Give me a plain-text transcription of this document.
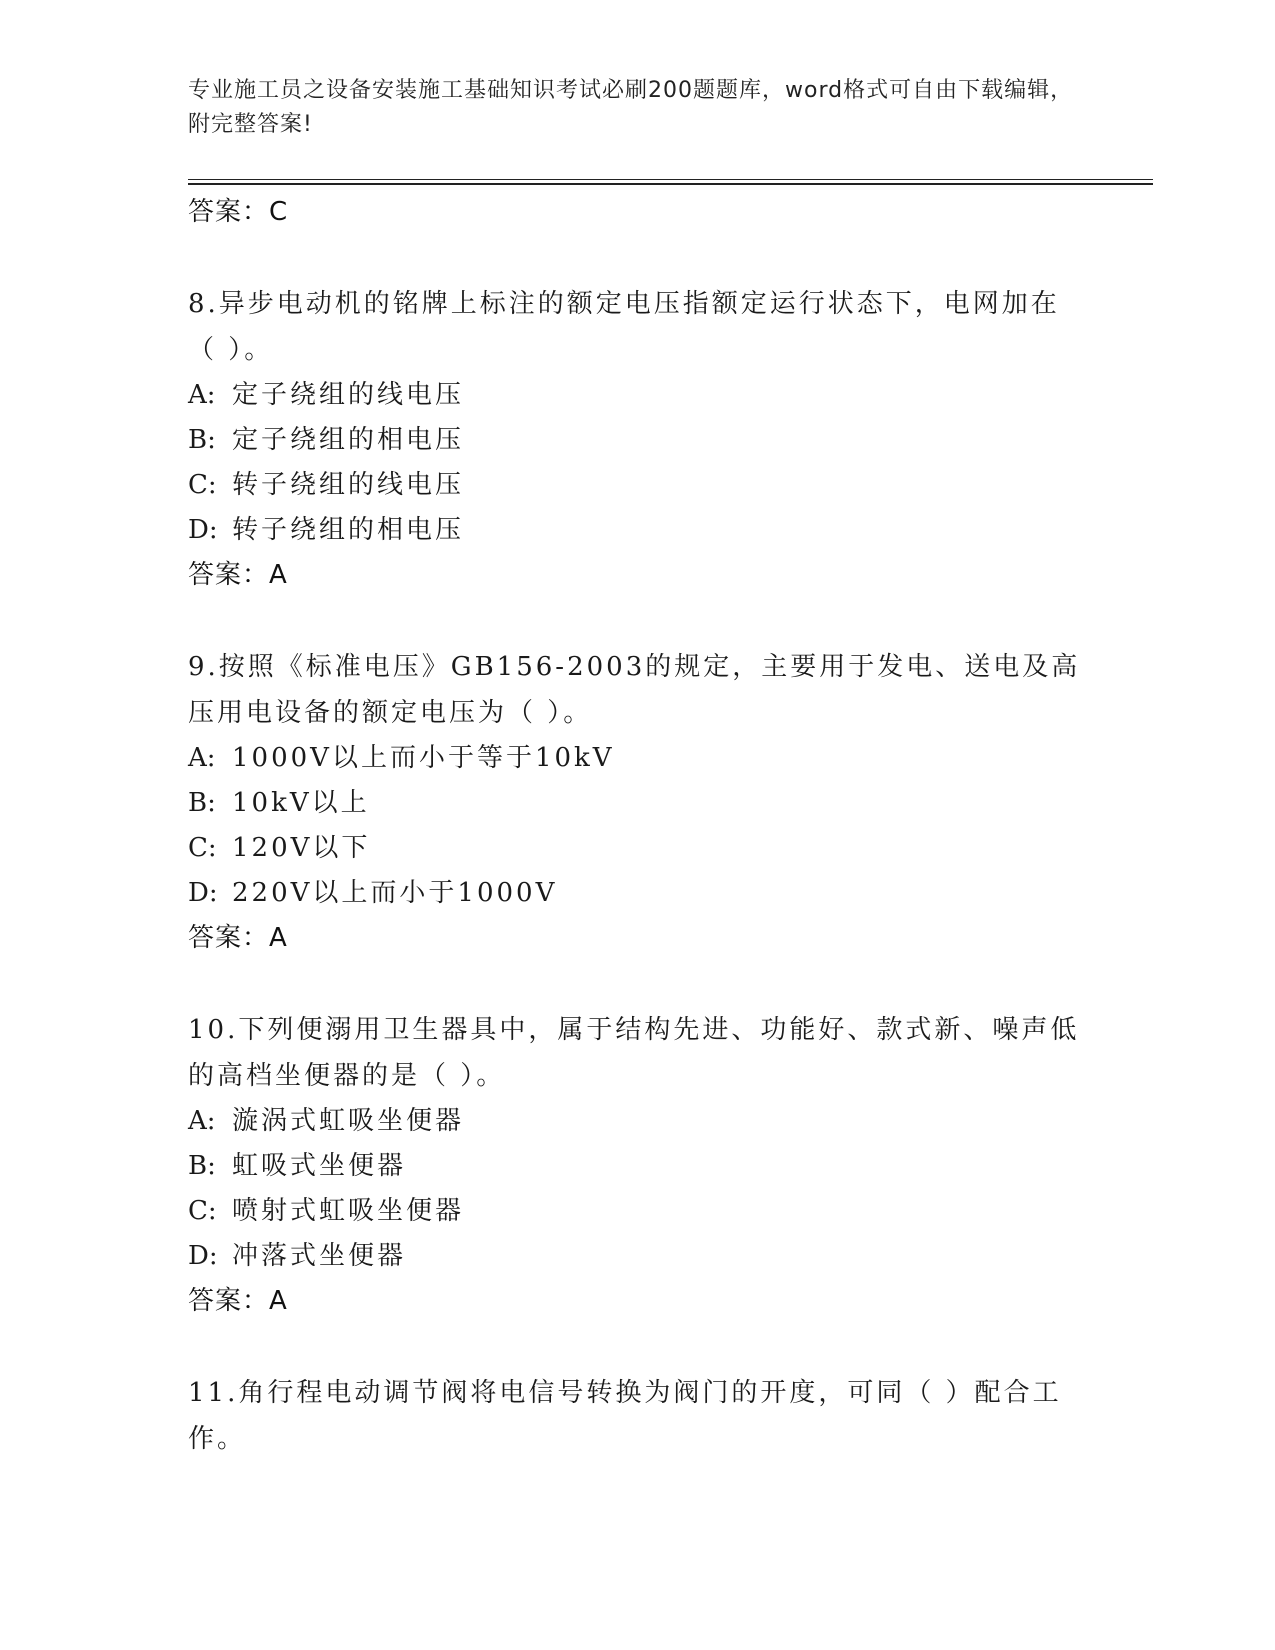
专业施工员之设备安装施工基础知识考试必刷200题题库，word格式可自由下载编辑，附完整答案!
答案：C
8.异步电动机的铭牌上标注的额定电压指额定运行状态下，电网加在（ ）。
A: 定子绕组的线电压
B: 定子绕组的相电压
C: 转子绕组的线电压
D: 转子绕组的相电压
答案：A
9.按照《标准电压》GB156-2003的规定，主要用于发电、送电及高压用电设备的额定电压为（ ）。
A: 1000V以上而小于等于10kV
B: 10kV以上
C: 120V以下
D: 220V以上而小于1000V
答案：A
10.下列便溺用卫生器具中，属于结构先进、功能好、款式新、噪声低的高档坐便器的是（ ）。
A: 漩涡式虹吸坐便器
B: 虹吸式坐便器
C: 喷射式虹吸坐便器
D: 冲落式坐便器
答案：A
11.角行程电动调节阀将电信号转换为阀门的开度，可同（ ）配合工作。
